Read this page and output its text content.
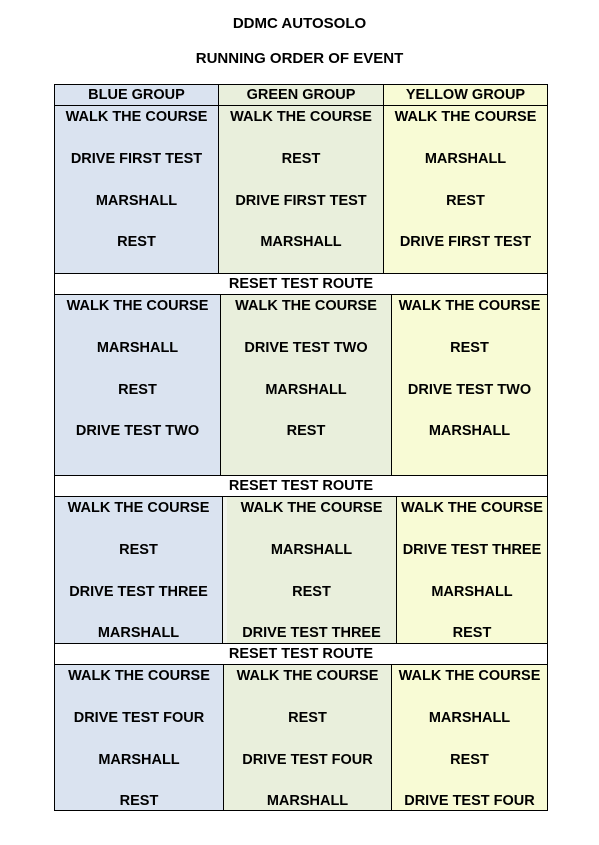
DDMC AUTOSOLO
RUNNING ORDER OF EVENT
BLUE GROUP	GREEN GROUP	YELLOW GROUP
WALK THE COURSE
DRIVE FIRST TEST
MARSHALL
REST
WALK THE COURSE
REST
DRIVE FIRST TEST
MARSHALL
WALK THE COURSE
MARSHALL
REST
DRIVE FIRST TEST
RESET TEST ROUTE
WALK THE COURSE
MARSHALL
REST
DRIVE TEST TWO
WALK THE COURSE
DRIVE TEST TWO
MARSHALL
REST
WALK THE COURSE
REST
DRIVE TEST TWO
MARSHALL
RESET TEST ROUTE
WALK THE COURSE
REST
DRIVE TEST THREE
MARSHALL
WALK THE COURSE
MARSHALL
REST
DRIVE TEST THREE
WALK THE COURSE
DRIVE TEST THREE
MARSHALL
REST
RESET TEST ROUTE
WALK THE COURSE
DRIVE TEST FOUR
MARSHALL
REST
WALK THE COURSE
REST
DRIVE TEST FOUR
MARSHALL
WALK THE COURSE
MARSHALL
REST
DRIVE TEST FOUR
